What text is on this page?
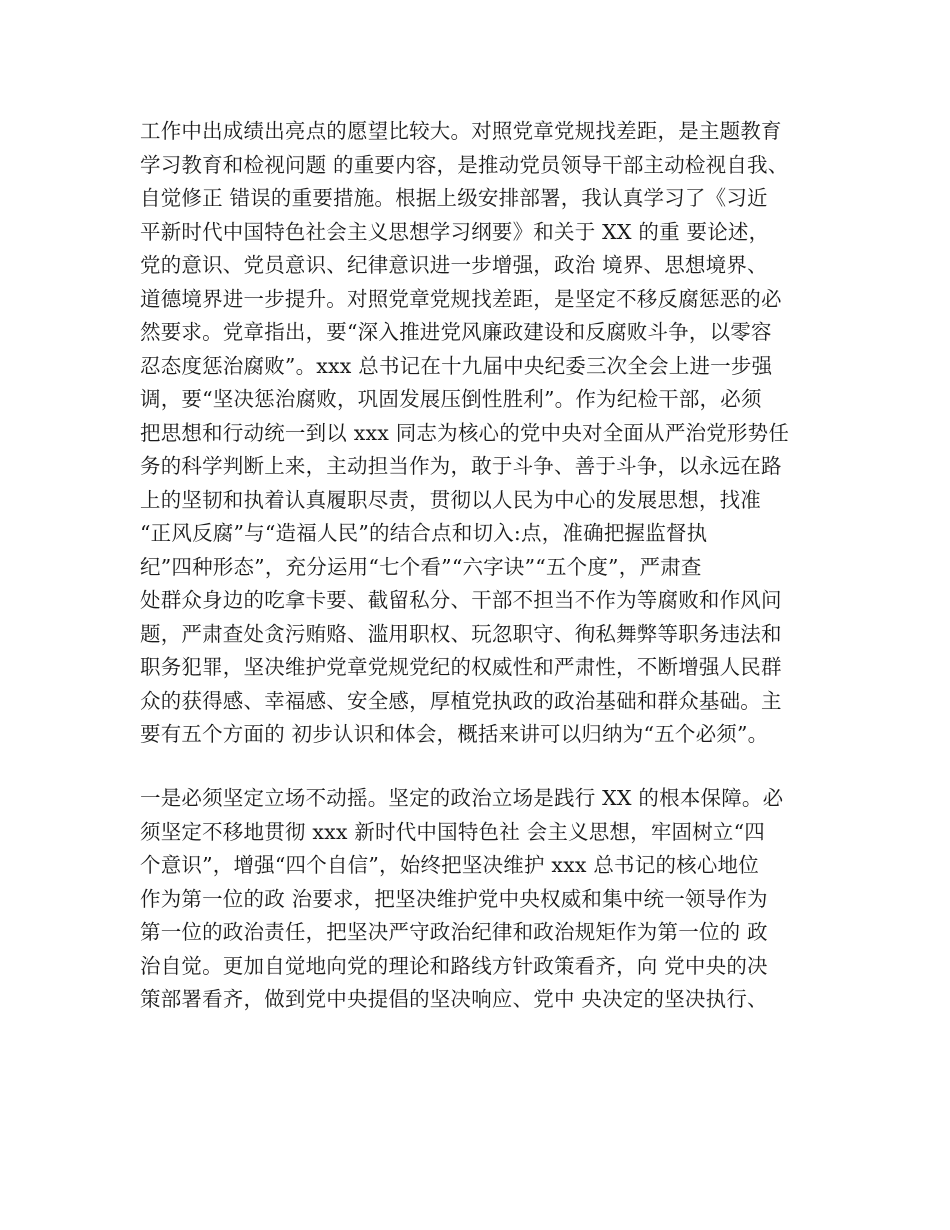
工作中出成绩出亮点的愿望比较大。对照党章党规找差距，是主题教育
学习教育和检视问题 的重要内容，是推动党员领导干部主动检视自我、
自觉修正 错误的重要措施。根据上级安排部署，我认真学习了《习近
平新时代中国特色社会主义思想学习纲要》和关于 XX 的重 要论述，
党的意识、党员意识、纪律意识进一步增强，政治 境界、思想境界、
道德境界进一步提升。对照党章党规找差距，是坚定不移反腐惩恶的必
然要求。党章指出，要“深入推进党风廉政建设和反腐败斗争，以零容
忍态度惩治腐败”。xxx 总书记在十九届中央纪委三次全会上进一步强
调，要“坚决惩治腐败，巩固发展压倒性胜利”。作为纪检干部，必须
把思想和行动统一到以 xxx 同志为核心的党中央对全面从严治党形势任
务的科学判断上来，主动担当作为，敢于斗争、善于斗争，以永远在路
上的坚韧和执着认真履职尽责，贯彻以人民为中心的发展思想，找准
“正风反腐”与“造福人民”的结合点和切入:点，准确把握监督执
纪”四种形态”，充分运用“七个看”“六字诀”“五个度”，严肃查
处群众身边的吃拿卡要、截留私分、干部不担当不作为等腐败和作风问
题，严肃查处贪污贿赂、滥用职权、玩忽职守、徇私舞弊等职务违法和
职务犯罪，坚决维护党章党规党纪的权威性和严肃性，不断增强人民群
众的获得感、幸福感、安全感，厚植党执政的政治基础和群众基础。主
要有五个方面的 初步认识和体会，概括来讲可以归纳为“五个必须”。
一是必须坚定立场不动摇。坚定的政治立场是践行 XX 的根本保障。必
须坚定不移地贯彻 xxx 新时代中国特色社 会主义思想，牢固树立“四
个意识”，增强“四个自信”，始终把坚决维护 xxx 总书记的核心地位
作为第一位的政 治要求，把坚决维护党中央权威和集中统一领导作为
第一位的政治责任，把坚决严守政治纪律和政治规矩作为第一位的 政
治自觉。更加自觉地向党的理论和路线方针政策看齐，向 党中央的决
策部署看齐，做到党中央提倡的坚决响应、党中 央决定的坚决执行、
